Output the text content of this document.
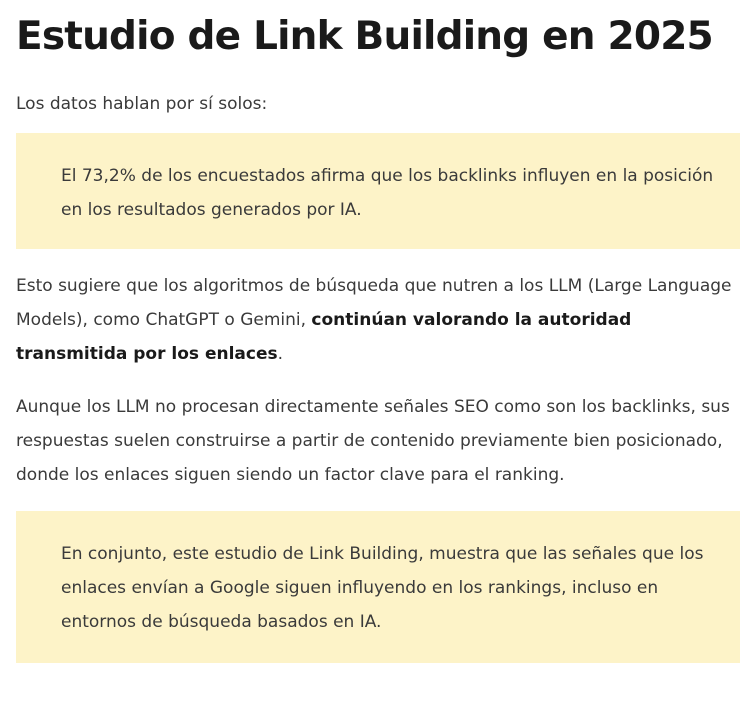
Estudio de Link Building en 2025

Los datos hablan por sí solos:

El 73,2% de los encuestados afirma que los backlinks influyen en la posición en los resultados generados por IA.

Esto sugiere que los algoritmos de búsqueda que nutren a los LLM (Large Language Models), como ChatGPT o Gemini, continúan valorando la autoridad transmitida por los enlaces.

Aunque los LLM no procesan directamente señales SEO como son los backlinks, sus respuestas suelen construirse a partir de contenido previamente bien posicionado, donde los enlaces siguen siendo un factor clave para el ranking.

En conjunto, este estudio de Link Building, muestra que las señales que los enlaces envían a Google siguen influyendo en los rankings, incluso en entornos de búsqueda basados en IA.
